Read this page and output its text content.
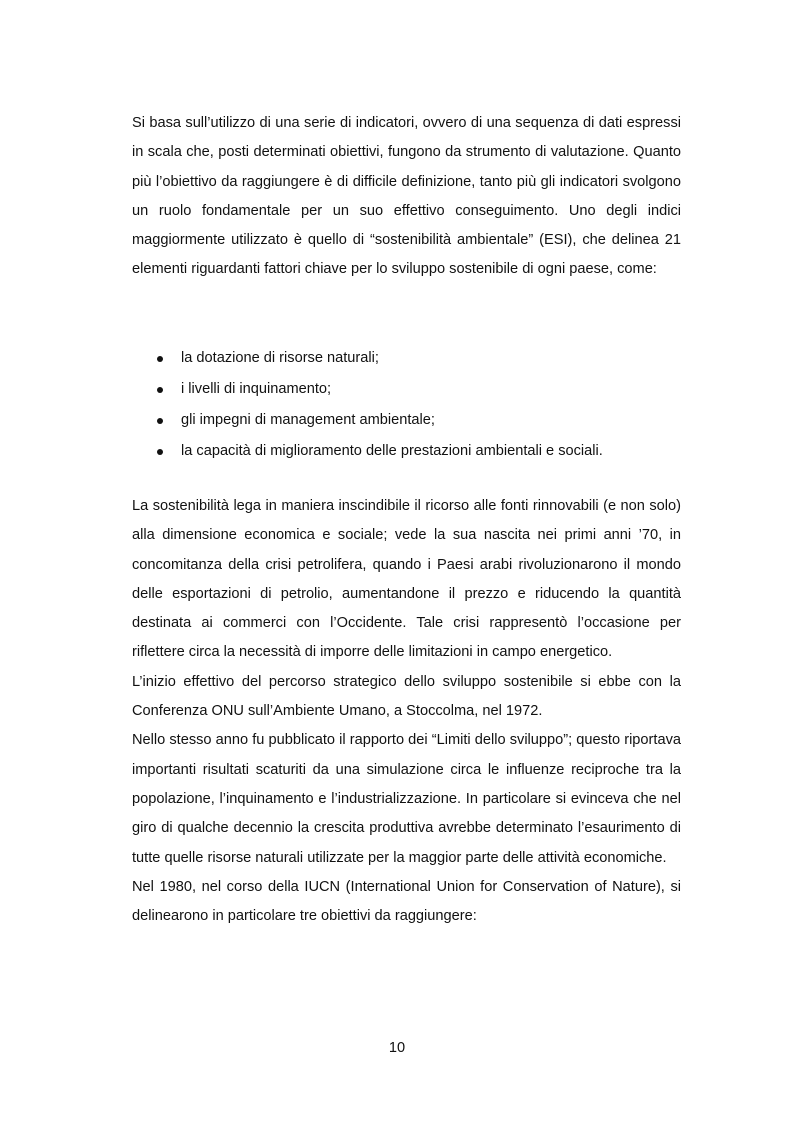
Si basa sull’utilizzo di una serie di indicatori, ovvero di una sequenza di dati espressi in scala che, posti determinati obiettivi, fungono da strumento di valutazione. Quanto più l’obiettivo da raggiungere è di difficile definizione, tanto più gli indicatori svolgono un ruolo fondamentale per un suo effettivo conseguimento. Uno degli indici maggiormente utilizzato è quello di “sostenibilità ambientale” (ESI), che delinea 21 elementi riguardanti fattori chiave per lo sviluppo sostenibile di ogni paese, come:

la dotazione di risorse naturali;
i livelli di inquinamento;
gli impegni di management ambientale;
la capacità di miglioramento delle prestazioni ambientali e sociali.

La sostenibilità lega in maniera inscindibile il ricorso alle fonti rinnovabili (e non solo) alla dimensione economica e sociale; vede la sua nascita nei primi anni ’70, in concomitanza della crisi petrolifera, quando i Paesi arabi rivoluzionarono il mondo delle esportazioni di petrolio, aumentandone il prezzo e riducendo la quantità destinata ai commerci con l’Occidente. Tale crisi rappresentò l’occasione per riflettere circa la necessità di imporre delle limitazioni in campo energetico.

L’inizio effettivo del percorso strategico dello sviluppo sostenibile si ebbe con la Conferenza ONU sull’Ambiente Umano, a Stoccolma, nel 1972.

Nello stesso anno fu pubblicato il rapporto dei “Limiti dello sviluppo”; questo riportava importanti risultati scaturiti da una simulazione circa le influenze reciproche tra la popolazione, l’inquinamento e l’industrializzazione. In particolare si evinceva che nel giro di qualche decennio la crescita produttiva avrebbe determinato l’esaurimento di tutte quelle risorse naturali utilizzate per la maggior parte delle attività economiche.

Nel 1980, nel corso della IUCN (International Union for Conservation of Nature), si delinearono in particolare tre obiettivi da raggiungere:

10
